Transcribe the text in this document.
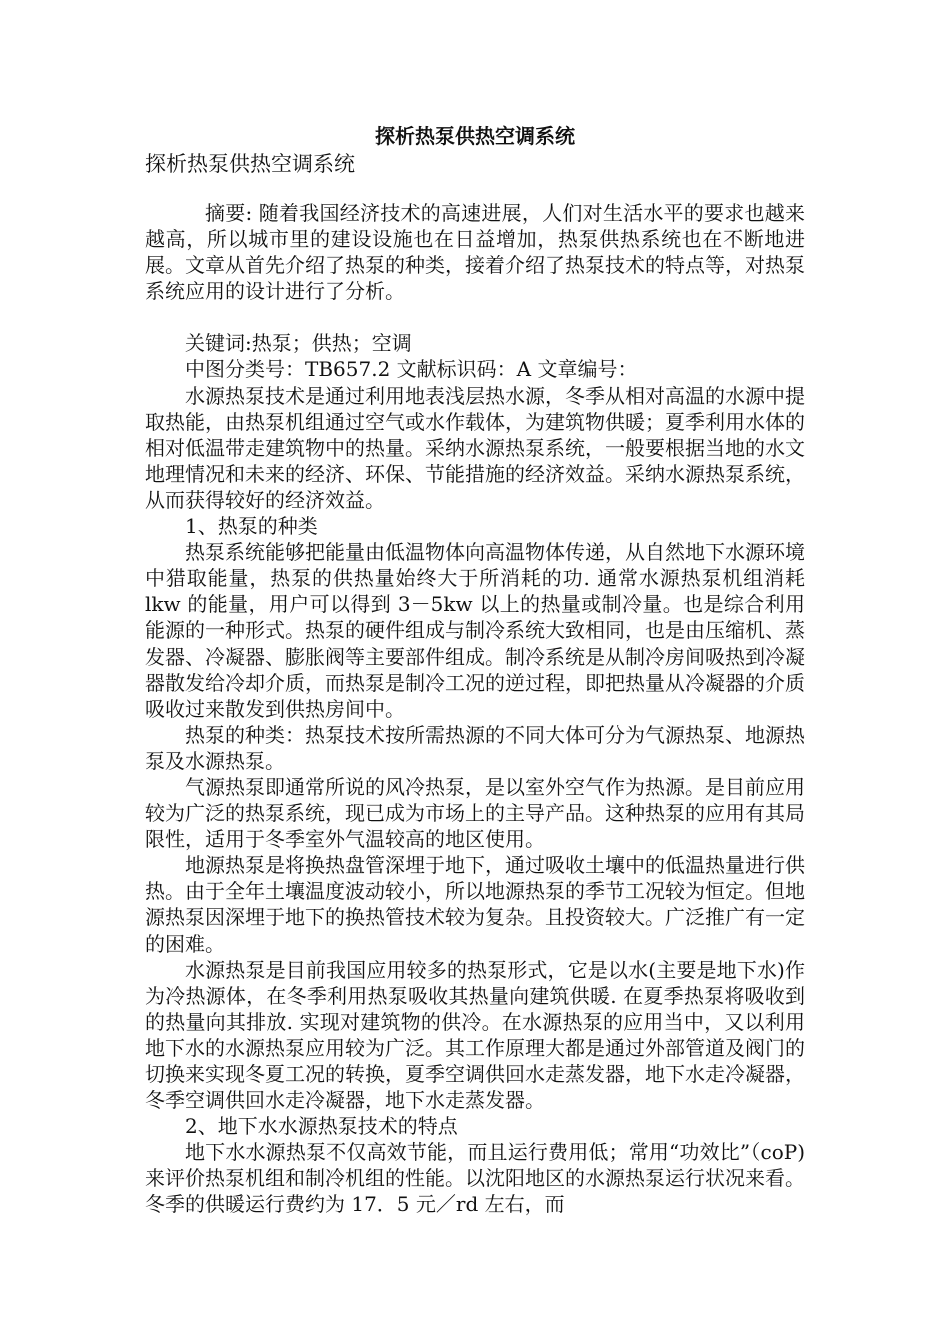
探析热泵供热空调系统
探析热泵供热空调系统

摘要: 随着我国经济技术的高速进展，人们对生活水平的要求也越来越高，所以城市里的建设设施也在日益增加，热泵供热系统也在不断地进展。文章从首先介绍了热泵的种类，接着介绍了热泵技术的特点等，对热泵系统应用的设计进行了分析。

关键词:热泵；供热；空调

中图分类号：TB657.2 文献标识码：A 文章编号：

水源热泵技术是通过利用地表浅层热水源，冬季从相对高温的水源中提取热能，由热泵机组通过空气或水作载体，为建筑物供暖；夏季利用水体的相对低温带走建筑物中的热量。采纳水源热泵系统，一般要根据当地的水文地理情况和未来的经济、环保、节能措施的经济效益。采纳水源热泵系统，从而获得较好的经济效益。

1、热泵的种类

热泵系统能够把能量由低温物体向高温物体传递，从自然地下水源环境中猎取能量，热泵的供热量始终大于所消耗的功. 通常水源热泵机组消耗 lkw 的能量，用户可以得到 3－5kw 以上的热量或制冷量。也是综合利用能源的一种形式。热泵的硬件组成与制冷系统大致相同，也是由压缩机、蒸发器、冷凝器、膨胀阀等主要部件组成。制冷系统是从制冷房间吸热到冷凝器散发给冷却介质，而热泵是制冷工况的逆过程，即把热量从冷凝器的介质吸收过来散发到供热房间中。

热泵的种类：热泵技术按所需热源的不同大体可分为气源热泵、地源热泵及水源热泵。

气源热泵即通常所说的风冷热泵，是以室外空气作为热源。是目前应用较为广泛的热泵系统，现已成为市场上的主导产品。这种热泵的应用有其局限性，适用于冬季室外气温较高的地区使用。

地源热泵是将换热盘管深埋于地下，通过吸收土壤中的低温热量进行供热。由于全年土壤温度波动较小，所以地源热泵的季节工况较为恒定。但地源热泵因深埋于地下的换热管技术较为复杂。且投资较大。广泛推广有一定的困难。

水源热泵是目前我国应用较多的热泵形式，它是以水(主要是地下水)作为冷热源体，在冬季利用热泵吸收其热量向建筑供暖. 在夏季热泵将吸收到的热量向其排放. 实现对建筑物的供冷。在水源热泵的应用当中，又以利用地下水的水源热泵应用较为广泛。其工作原理大都是通过外部管道及阀门的切换来实现冬夏工况的转换，夏季空调供回水走蒸发器，地下水走冷凝器，冬季空调供回水走冷凝器，地下水走蒸发器。

2、地下水水源热泵技术的特点

地下水水源热泵不仅高效节能，而且运行费用低；常用“功效比”（coP)来评价热泵机组和制冷机组的性能。以沈阳地区的水源热泵运行状况来看。冬季的供暖运行费约为 17．5 元／rd 左右，而
